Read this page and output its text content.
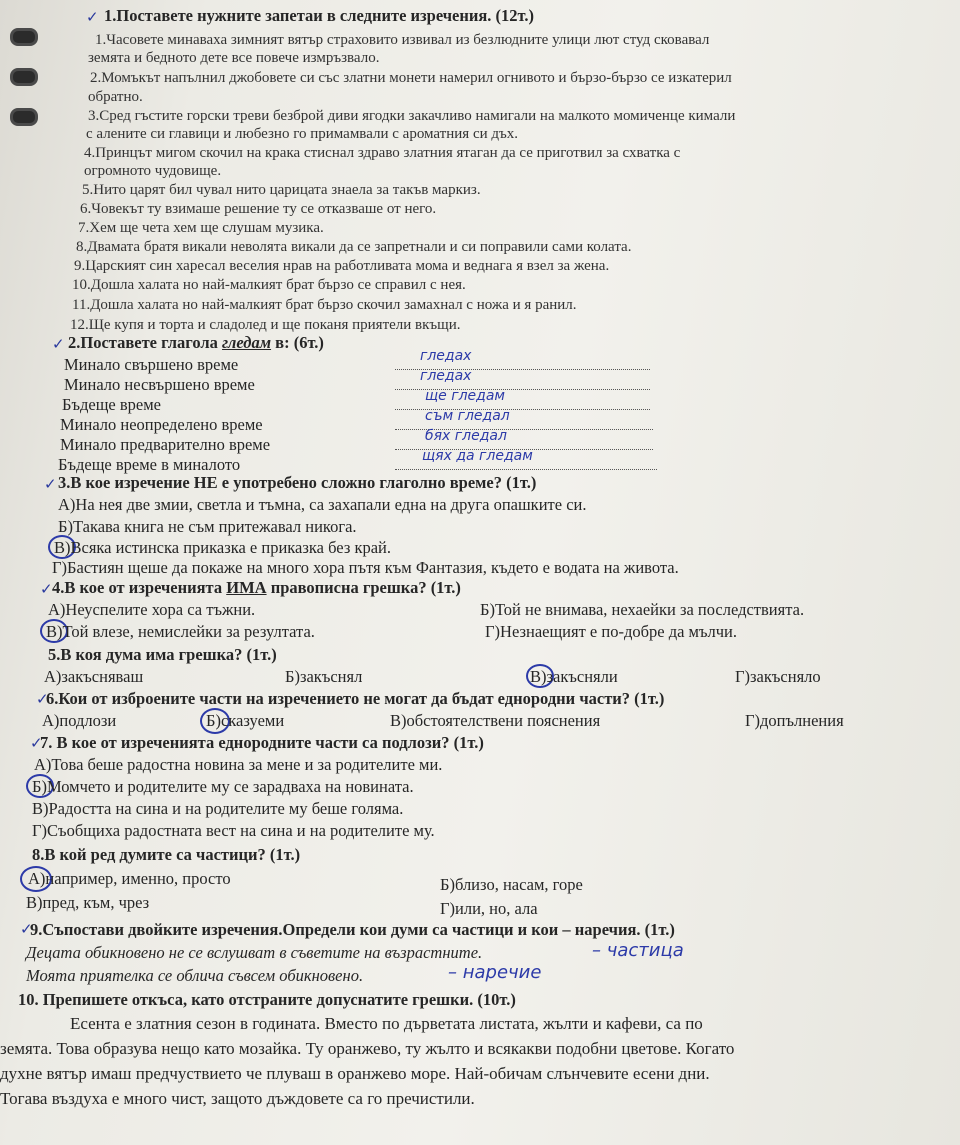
✓ 1.Поставете нужните запетаи в следните изречения. (12т.)
1.Часовете минаваха зимният вятър страховито извивал из безлюдните улици лют студ сковавал
земята и бедното дете все повече измръзвало.
2.Момъкът напълнил джобовете си със златни монети намерил огнивото и бързо-бързо се изкатерил
обратно.
3.Сред гъстите горски треви безброй диви ягодки закачливо намигали на малкото момиченце кимали
с алените си главици и любезно го примамвали с ароматния си дъх.
4.Принцът мигом скочил на крака стиснал здраво златния ятаган да се приготвил за схватка с
огромното чудовище.
5.Нито царят бил чувал нито царицата знаела за такъв маркиз.
6.Човекът ту взимаше решение ту се отказваше от него.
7.Хем ще чета хем ще слушам музика.
8.Двамата братя викали неволята викали да се запретнали и си поправили сами колата.
9.Царският син харесал веселия нрав на работливата мома и веднага я взел за жена.
10.Дошла халата но най-малкият брат бързо се справил с нея.
11.Дошла халата но най-малкият брат бързо скочил замахнал с ножа и я ранил.
12.Ще купя и торта и сладолед и ще поканя приятели вкъщи.
✓ 2.Поставете глагола гледам в: (6т.)
Минало свършено време	гледах
Минало несвършено време	гледах
Бъдеще време	ще гледам
Минало неопределено време	съм гледал
Минало предварително време	бях гледал
Бъдеще време в миналото	щях да гледам
✓ 3.В кое изречение НЕ е употребено сложно глаголно време? (1т.)
А)На нея две змии, светла и тъмна, са захапали една на друга опашките си.
Б)Такава книга не съм притежавал никога.
В)Всяка истинска приказка е приказка без край.
Г)Бастиян щеше да покаже на много хора пътя към Фантазия, където е водата на живота.
✓ 4.В кое от изреченията ИМА правописна грешка? (1т.)
А)Неуспелите хора са тъжни.	Б)Той не внимава, нехаейки за последствията.
В)Той влезе, немислейки за резултата.	Г)Незнаещият е по-добре да мълчи.
5.В коя дума има грешка? (1т.)
А)закъсняваш	Б)закъснял	В)закъсняли	Г)закъсняло
✓
6.Кои от изброените части на изречението не могат да бъдат еднородни части? (1т.)
А)подлози	Б)сказуеми	В)обстоятелствени пояснения	Г)допълнения
✓
7. В кое от изреченията еднородните части са подлози? (1т.)
А)Това беше радостна новина за мене и за родителите ми.
Б)Момчето и родителите му се зарадваха на новината.
В)Радостта на сина и на родителите му беше голяма.
Г)Съобщиха радостната вест на сина и на родителите му.
8.В кой ред думите са частици? (1т.)
А)например, именно, просто	Б)близо, насам, горе
В)пред, към, чрез	Г)или, но, ала
✓
9.Съпостави двойките изречения.Определи кои думи са частици и кои – наречия. (1т.)
Децата обикновено не се вслушват в съветите на възрастните.	– частица
Моята приятелка се облича съвсем обикновено.	– наречие
10. Препишете откъса, като отстраните допуснатите грешки. (10т.)
Есента е златния сезон в годината. Вместо по дърветата листата, жълти и кафеви, са по
земята. Това образува нещо като мозайка. Ту оранжево, ту жълто и всякакви подобни цветове. Когато
духне вятър имаш предчуствието че плуваш в оранжево море. Най-обичам слънчевите есени дни.
Тогава въздуха е много чист, защото дъждовете са го пречистили.
